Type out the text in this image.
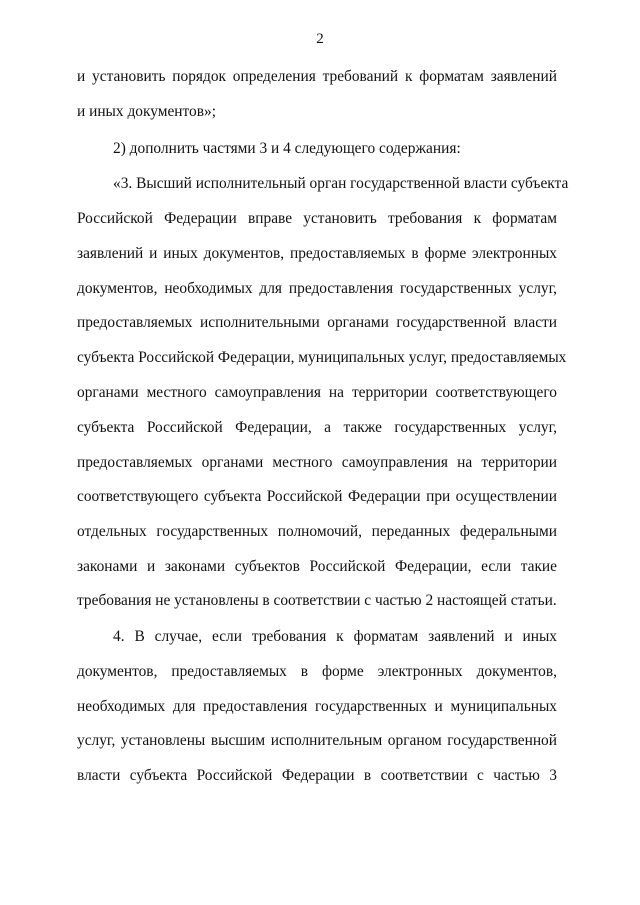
2
и установить порядок определения требований к форматам заявлений
и иных документов»;
2) дополнить частями 3 и 4 следующего содержания:
«3. Высший исполнительный орган государственной власти субъекта
Российской Федерации вправе установить требования к форматам
заявлений и иных документов, предоставляемых в форме электронных
документов, необходимых для предоставления государственных услуг,
предоставляемых исполнительными органами государственной власти
субъекта Российской Федерации, муниципальных услуг, предоставляемых
органами местного самоуправления на территории соответствующего
субъекта Российской Федерации, а также государственных услуг,
предоставляемых органами местного самоуправления на территории
соответствующего субъекта Российской Федерации при осуществлении
отдельных государственных полномочий, переданных федеральными
законами и законами субъектов Российской Федерации, если такие
требования не установлены в соответствии с частью 2 настоящей статьи.
4. В случае, если требования к форматам заявлений и иных
документов, предоставляемых в форме электронных документов,
необходимых для предоставления государственных и муниципальных
услуг, установлены высшим исполнительным органом государственной
власти субъекта Российской Федерации в соответствии с частью 3
